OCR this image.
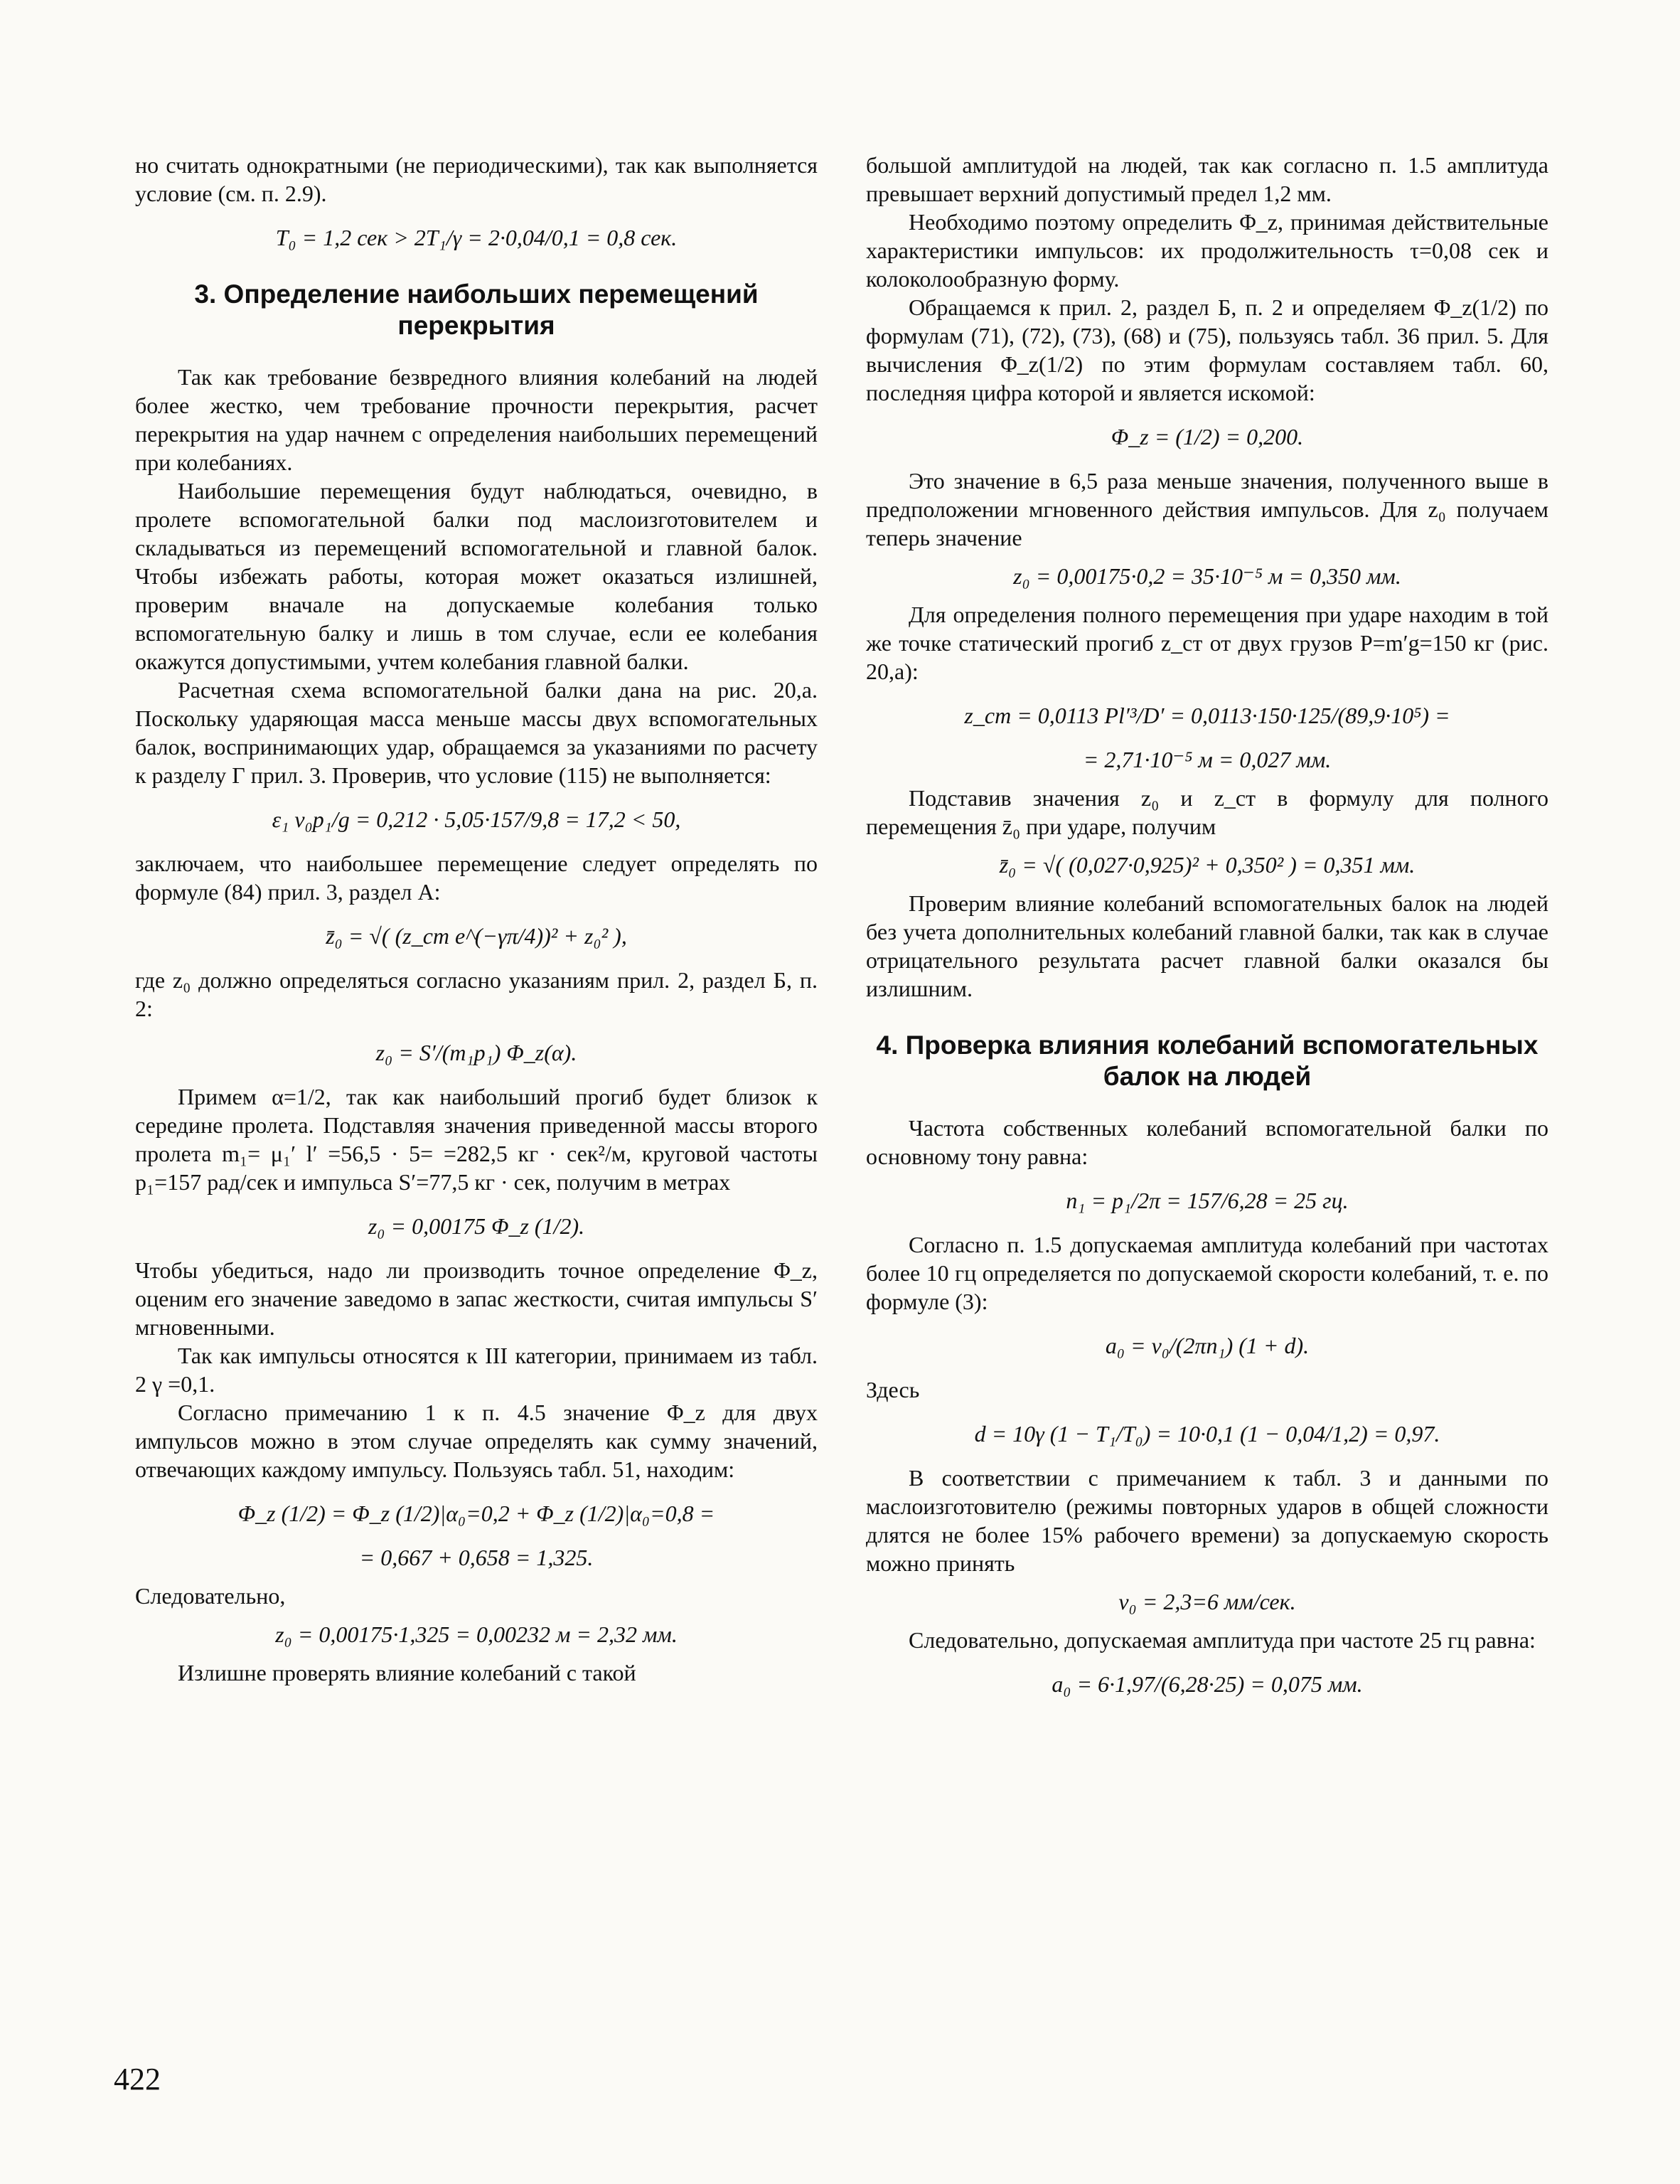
но считать однократными (не периодическими), так как выполняется условие (см. п. 2.9).

T₀ = 1,2 сек > 2T₁/γ = 2·0,04/0,1 = 0,8 сек.
3. Определение наибольших перемещений перекрытия

Так как требование безвредного влияния колебаний на людей более жестко, чем требование прочности перекрытия, расчет перекрытия на удар начнем с определения наибольших перемещений при колебаниях.

Наибольшие перемещения будут наблюдаться, очевидно, в пролете вспомогательной балки под маслоизготовителем и складываться из перемещений вспомогательной и главной балок. Чтобы избежать работы, которая может оказаться излишней, проверим вначале на допускаемые колебания только вспомогательную балку и лишь в том случае, если ее колебания окажутся допустимыми, учтем колебания главной балки.

Расчетная схема вспомогательной балки дана на рис. 20,а. Поскольку ударяющая масса меньше массы двух вспомогательных балок, воспринимающих удар, обращаемся за указаниями по расчету к разделу Г прил. 3. Проверив, что условие (115) не выполняется:

ε₁ v₀p₁/g = 0,212 · 5,05·157/9,8 = 17,2 < 50,

заключаем, что наибольшее перемещение следует определять по формуле (84) прил. 3, раздел А:

z̄₀ = √( (z_ст e^(−γπ/4))² + z₀² ),

где z₀ должно определяться согласно указаниям прил. 2, раздел Б, п. 2:

z₀ = S′/(m₁p₁) Φ_z(α).

Примем α=1/2, так как наибольший прогиб будет близок к середине пролета. Подставляя значения приведенной массы второго пролета m₁= μ₁′ l′ =56,5 · 5= =282,5 кг · сек²/м, круговой частоты p₁=157 рад/сек и импульса S′=77,5 кг · сек, получим в метрах

z₀ = 0,00175 Φ_z (1/2).

Чтобы убедиться, надо ли производить точное определение Φ_z, оценим его значение заведомо в запас жесткости, считая импульсы S′ мгновенными.

Так как импульсы относятся к III категории, принимаем из табл. 2 γ =0,1.

Согласно примечанию 1 к п. 4.5 значение Φ_z для двух импульсов можно в этом случае определять как сумму значений, отвечающих каждому импульсу. Пользуясь табл. 51, находим:

Φ_z (1/2) = Φ_z (1/2)|α₀=0,2 + Φ_z (1/2)|α₀=0,8 =
= 0,667 + 0,658 = 1,325.

Следовательно,

z₀ = 0,00175·1,325 = 0,00232 м = 2,32 мм.

Излишне проверять влияние колебаний с такой

большой амплитудой на людей, так как согласно п. 1.5 амплитуда превышает верхний допустимый предел 1,2 мм.

Необходимо поэтому определить Φ_z, принимая действительные характеристики импульсов: их продолжительность τ=0,08 сек и колоколообразную форму.

Обращаемся к прил. 2, раздел Б, п. 2 и определяем Φ_z(1/2) по формулам (71), (72), (73), (68) и (75), пользуясь табл. 36 прил. 5. Для вычисления Φ_z(1/2) по этим формулам составляем табл. 60, последняя цифра которой и является искомой:

Φ_z = (1/2) = 0,200.

Это значение в 6,5 раза меньше значения, полученного выше в предположении мгновенного действия импульсов. Для z₀ получаем теперь значение

z₀ = 0,00175·0,2 = 35·10⁻⁵ м = 0,350 мм.

Для определения полного перемещения при ударе находим в той же точке статический прогиб z_ст от двух грузов P=m′g=150 кг (рис. 20,а):

z_ст = 0,0113 Pl′³/D′ = 0,0113·150·125/(89,9·10⁵) =
= 2,71·10⁻⁵ м = 0,027 мм.

Подставив значения z₀ и z_ст в формулу для полного перемещения z̄₀ при ударе, получим

z̄₀ = √( (0,027·0,925)² + 0,350² ) = 0,351 мм.

Проверим влияние колебаний вспомогательных балок на людей без учета дополнительных колебаний главной балки, так как в случае отрицательного результата расчет главной балки оказался бы излишним.

4. Проверка влияния колебаний вспомогательных балок на людей

Частота собственных колебаний вспомогательной балки по основному тону равна:

n₁ = p₁/2π = 157/6,28 = 25 гц.

Согласно п. 1.5 допускаемая амплитуда колебаний при частотах более 10 гц определяется по допускаемой скорости колебаний, т. е. по формуле (3):

a₀ = v₀/(2πn₁) (1 + d).

Здесь

d = 10γ (1 − T₁/T₀) = 10·0,1 (1 − 0,04/1,2) = 0,97.

В соответствии с примечанием к табл. 3 и данными по маслоизготовителю (режимы повторных ударов в общей сложности длятся не более 15% рабочего времени) за допускаемую скорость можно принять

v₀ = 2,3=6 мм/сек.

Следовательно, допускаемая амплитуда при частоте 25 гц равна:

a₀ = 6·1,97/(6,28·25) = 0,075 мм.
422
